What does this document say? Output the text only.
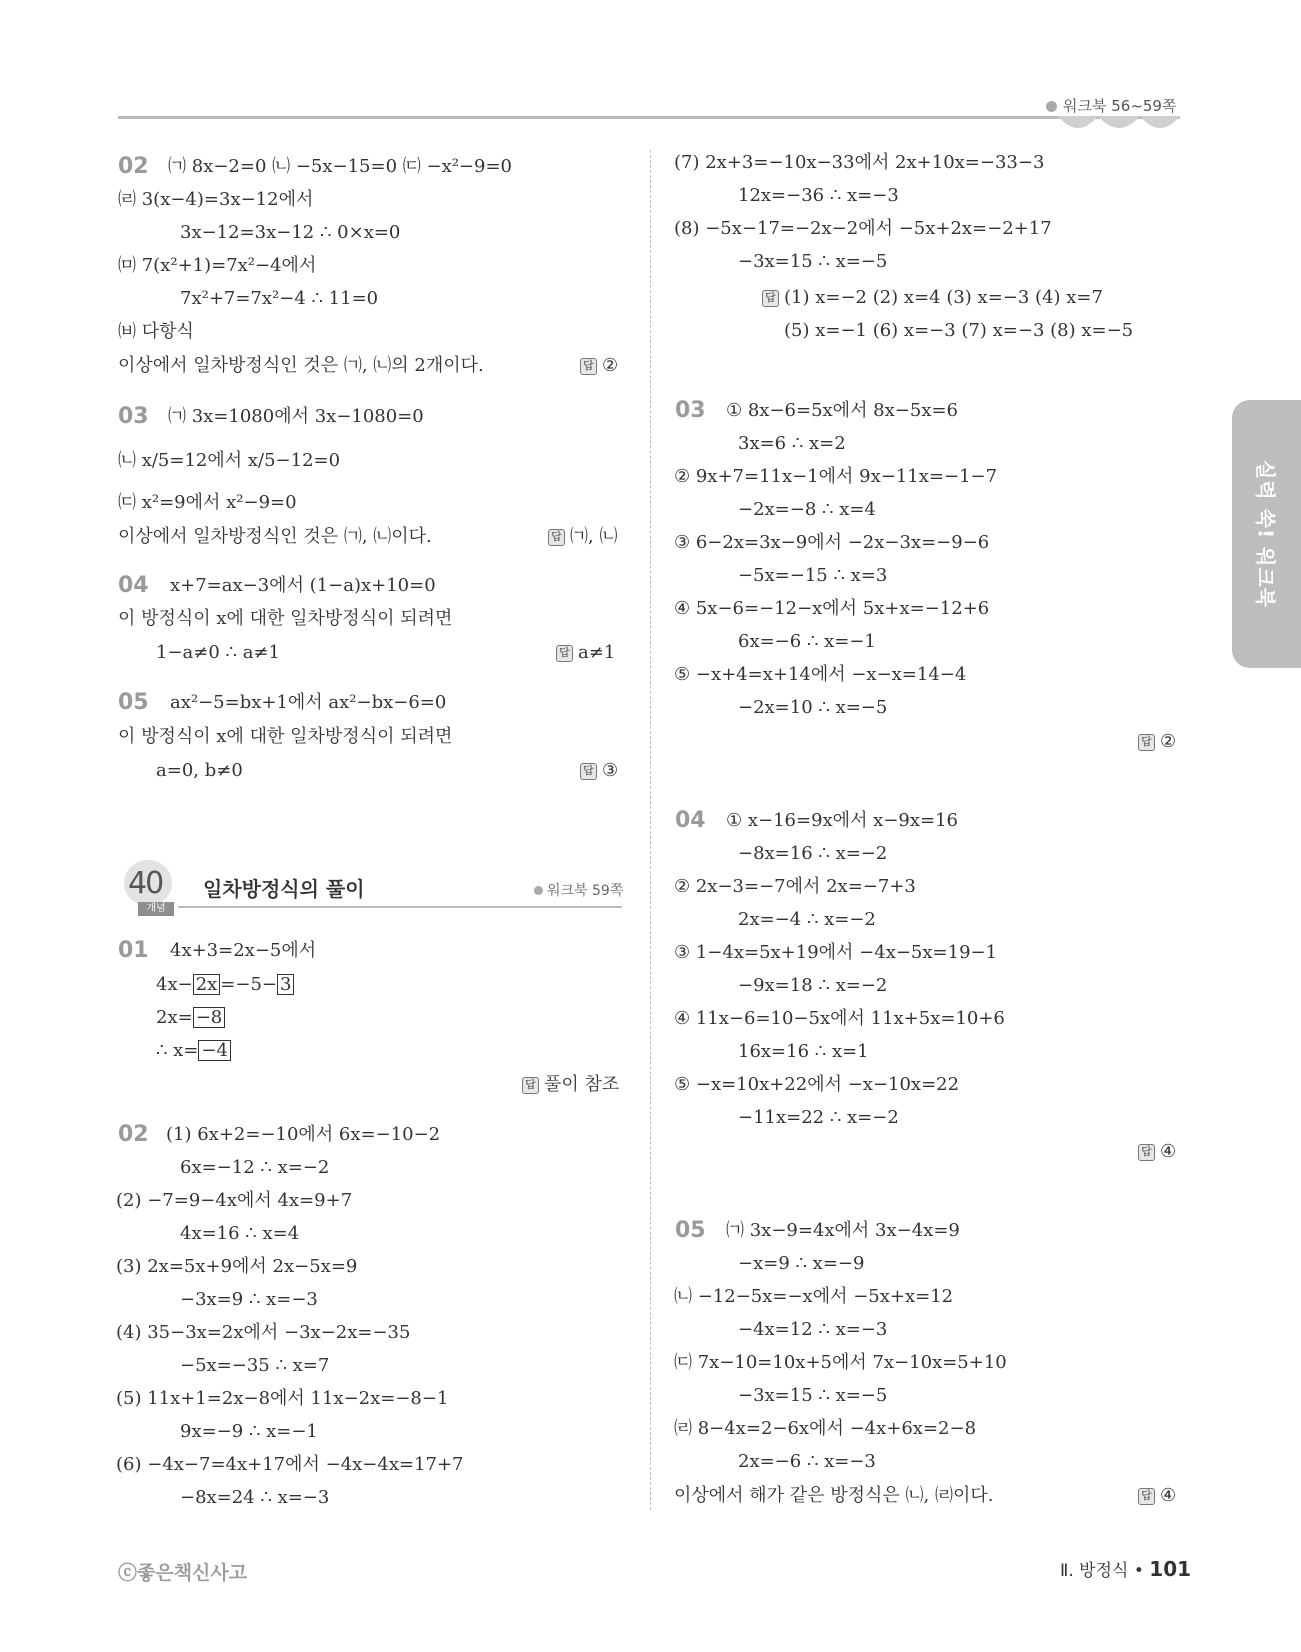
워크북 56~59쪽
실력 쑥! 워크북
02 ㈀ 8x−2=0 ㈁ −5x−15=0 ㈂ −x²−9=0
㈃ 3(x−4)=3x−12에서
3x−12=3x−12 ∴ 0×x=0
㈄ 7(x²+1)=7x²−4에서
7x²+7=7x²−4 ∴ 11=0
㈅ 다항식
이상에서 일차방정식인 것은 ㈀, ㈁의 2개이다.	답 ②
03 ㈀ 3x=1080에서 3x−1080=0
㈁ x/5=12에서 x/5−12=0
㈂ x²=9에서 x²−9=0
이상에서 일차방정식인 것은 ㈀, ㈁이다.	답 ㈀, ㈁
04 x+7=ax−3에서 (1−a)x+10=0
이 방정식이 x에 대한 일차방정식이 되려면
1−a≠0 ∴ a≠1	답 a≠1
05 ax²−5=bx+1에서 ax²−bx−6=0
이 방정식이 x에 대한 일차방정식이 되려면
a=0, b≠0	답 ③
40
개념
일차방정식의 풀이	워크북 59쪽
01 4x+3=2x−5에서
4x− 2x =−5− 3
2x= −8
∴ x= −4
답 풀이 참조
02 (1) 6x+2=−10에서 6x=−10−2
6x=−12 ∴ x=−2
(2) −7=9−4x에서 4x=9+7
4x=16 ∴ x=4
(3) 2x=5x+9에서 2x−5x=9
−3x=9 ∴ x=−3
(4) 35−3x=2x에서 −3x−2x=−35
−5x=−35 ∴ x=7
(5) 11x+1=2x−8에서 11x−2x=−8−1
9x=−9 ∴ x=−1
(6) −4x−7=4x+17에서 −4x−4x=17+7
−8x=24 ∴ x=−3
(7) 2x+3=−10x−33에서 2x+10x=−33−3
12x=−36 ∴ x=−3
(8) −5x−17=−2x−2에서 −5x+2x=−2+17
−3x=15 ∴ x=−5
답 (1) x=−2 (2) x=4 (3) x=−3 (4) x=7
(5) x=−1 (6) x=−3 (7) x=−3 (8) x=−5
03 ① 8x−6=5x에서 8x−5x=6
3x=6 ∴ x=2
② 9x+7=11x−1에서 9x−11x=−1−7
−2x=−8 ∴ x=4
③ 6−2x=3x−9에서 −2x−3x=−9−6
−5x=−15 ∴ x=3
④ 5x−6=−12−x에서 5x+x=−12+6
6x=−6 ∴ x=−1
⑤ −x+4=x+14에서 −x−x=14−4
−2x=10 ∴ x=−5
답 ②
04 ① x−16=9x에서 x−9x=16
−8x=16 ∴ x=−2
② 2x−3=−7에서 2x=−7+3
2x=−4 ∴ x=−2
③ 1−4x=5x+19에서 −4x−5x=19−1
−9x=18 ∴ x=−2
④ 11x−6=10−5x에서 11x+5x=10+6
16x=16 ∴ x=1
⑤ −x=10x+22에서 −x−10x=22
−11x=22 ∴ x=−2
답 ④
05 ㈀ 3x−9=4x에서 3x−4x=9
−x=9 ∴ x=−9
㈁ −12−5x=−x에서 −5x+x=12
−4x=12 ∴ x=−3
㈂ 7x−10=10x+5에서 7x−10x=5+10
−3x=15 ∴ x=−5
㈃ 8−4x=2−6x에서 −4x+6x=2−8
2x=−6 ∴ x=−3
이상에서 해가 같은 방정식은 ㈁, ㈃이다.	답 ④
ⓒ좋은책신사고	Ⅱ. 방정식 • 101
